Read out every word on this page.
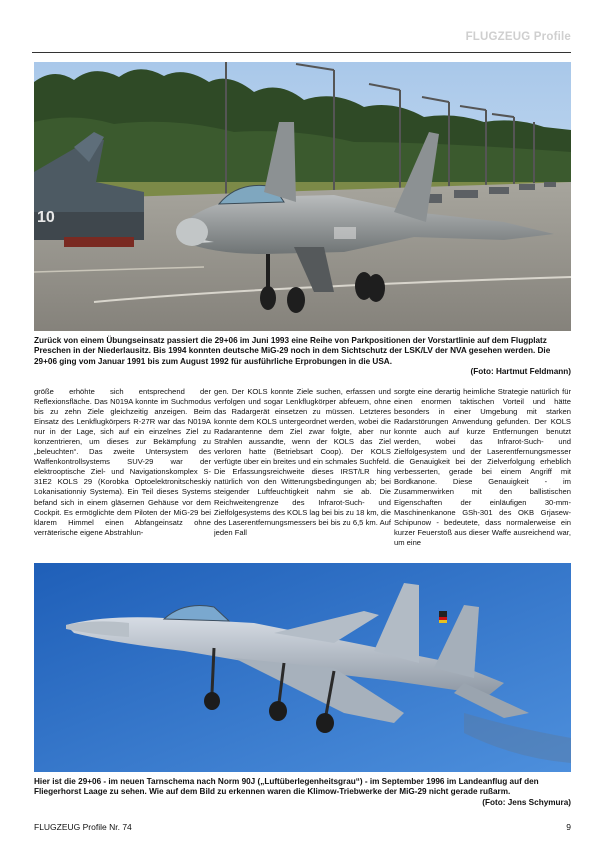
FLUGZEUG Profile
10
Zurück von einem Übungseinsatz passiert die 29+06 im Juni 1993 eine Reihe von Parkpositionen der Vorstartlinie auf dem Flugplatz Preschen in der Niederlausitz. Bis 1994 konnten deutsche MiG-29 noch in dem Sichtschutz der LSK/LV der NVA gesehen werden. Die 29+06 ging vom Januar 1991 bis zum August 1992 für ausführliche Erprobungen in die USA.
(Foto: Hartmut Feldmann)

größe erhöhte sich entsprechend der Reflexionsfläche. Das N019A konnte im Suchmodus bis zu zehn Ziele gleichzeitig anzeigen. Beim Einsatz des Lenkflugkörpers R-27R war das N019A nur in der Lage, sich auf ein einzelnes Ziel zu konzentrieren, um dieses zur Bekämpfung zu „beleuchten“. Das zweite Untersystem des Waffenkontrollsystems SUV-29 war der elektrooptische Ziel- und Navigationskomplex S-31E2 KOLS 29 (Korobka Optoelektronitscheskiy Lokanisationniy Systema). Ein Teil dieses Systems befand sich in einem gläsernen Gehäuse vor dem Cockpit. Es ermöglichte dem Piloten der MiG-29 bei klarem Himmel einen Abfangeinsatz ohne verräterische eigene Abstrahlun-

gen. Der KOLS konnte Ziele suchen, erfassen und verfolgen und sogar Lenkflugkörper abfeuern, ohne das Radargerät einsetzen zu müssen. Letzteres konnte dem KOLS untergeordnet werden, wobei die Radarantenne dem Ziel zwar folgte, aber nur Strahlen aussandte, wenn der KOLS das Ziel verloren hatte (Betriebsart Coop). Der KOLS verfügte über ein breites und ein schmales Suchfeld. Die Erfassungsreichweite dieses IRST/LR hing natürlich von den Witterungsbedingungen ab; bei steigender Luftfeuchtigkeit nahm sie ab. Die Reichweitengrenze des Infrarot-Such- und Zielfolgesystems des KOLS lag bei bis zu 18 km, die des Laserentfernungsmessers bei bis zu 6,5 km. Auf jeden Fall

sorgte eine derartig heimliche Strategie natürlich für einen enormen taktischen Vorteil und hätte besonders in einer Umgebung mit starken Radarstörungen Anwendung gefunden. Der KOLS konnte auch auf kurze Entfernungen benutzt werden, wobei das Infrarot-Such- und Zielfolgesystem und der Laserentfernungsmesser die Genauigkeit bei der Zielverfolgung erheblich verbesserten, gerade bei einem Angriff mit Bordkanone. Diese Genauigkeit - im Zusammenwirken mit den ballistischen Eigenschaften der einläufigen 30-mm-Maschinenkanone GSh-301 des OKB Grjasew-Schipunow - bedeutete, dass normalerweise ein kurzer Feuerstoß aus dieser Waffe ausreichend war, um eine

Hier ist die 29+06 - im neuen Tarnschema nach Norm 90J („Luftüberlegenheitsgrau“) - im September 1996 im Landeanflug auf den Fliegerhorst Laage zu sehen. Wie auf dem Bild zu erkennen waren die Klimow-Triebwerke der MiG-29 nicht gerade rußarm.
(Foto: Jens Schymura)
FLUGZEUG Profile Nr. 74	9
